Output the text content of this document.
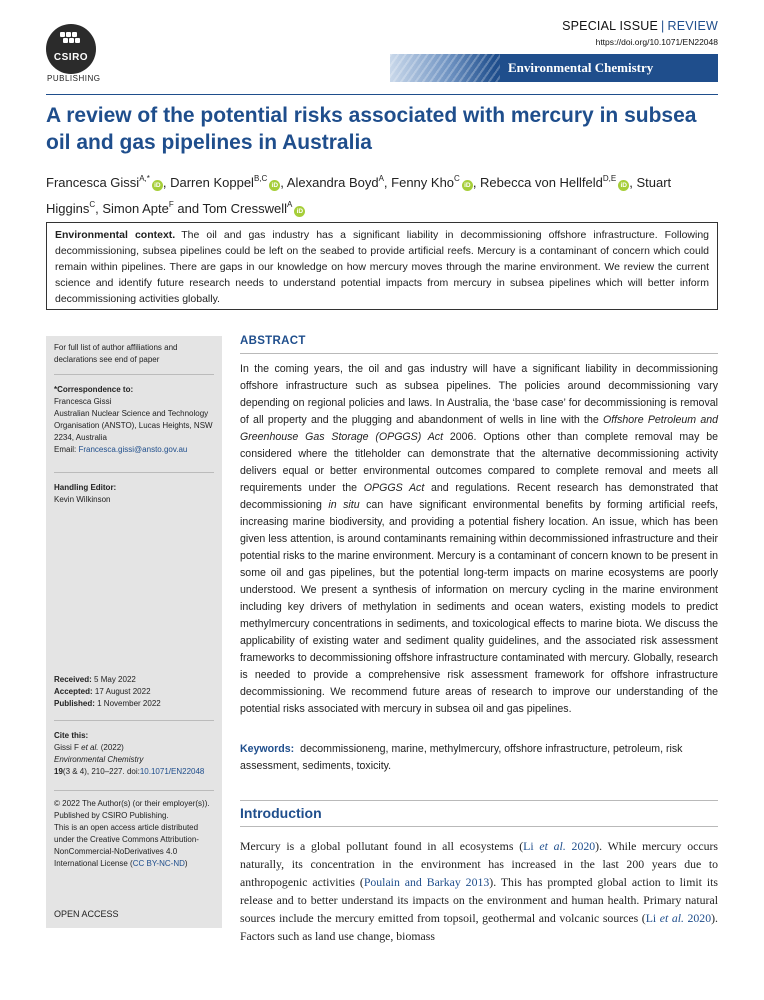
CSIRO
PUBLISHING
SPECIAL ISSUE | REVIEW
https://doi.org/10.1071/EN22048
Environmental Chemistry
A review of the potential risks associated with mercury in subsea oil and gas pipelines in Australia
Francesca Gissi$^{A,*}$iD , Darren Koppel$^{B,C}$iD , Alexandra Boyd$^A$, Fenny Kho$^C$iD , Rebecca von Hellfeld$^{D,E}$iD , Stuart Higgins$^C$, Simon Apte$^F$ and Tom Cresswell$^A$iD
Environmental context. The oil and gas industry has a significant liability in decommissioning offshore infrastructure. Following decommissioning, subsea pipelines could be left on the seabed to provide artificial reefs. Mercury is a contaminant of concern which could remain within pipelines. There are gaps in our knowledge on how mercury moves through the marine environment. We review the current science and identify future research needs to understand potential impacts from mercury in subsea pipelines which will better inform decommissioning activities globally.
For full list of author affiliations and declarations see end of paper
*Correspondence to:
Francesca Gissi
Australian Nuclear Science and Technology Organisation (ANSTO), Lucas Heights, NSW 2234, Australia
Email: Francesca.gissi@ansto.gov.au
Handling Editor:
Kevin Wilkinson
Received: 5 May 2022
Accepted: 17 August 2022
Published: 1 November 2022
Cite this:
Gissi F et al. (2022)
Environmental Chemistry
19(3 & 4), 210–227. doi:10.1071/EN22048
© 2022 The Author(s) (or their employer(s)). Published by CSIRO Publishing.
This is an open access article distributed under the Creative Commons Attribution-NonCommercial-NoDerivatives 4.0 International License (CC BY-NC-ND)
OPEN ACCESS
ABSTRACT

In the coming years, the oil and gas industry will have a significant liability in decommissioning offshore infrastructure such as subsea pipelines. The policies around decommissioning vary depending on regional policies and laws. In Australia, the ‘base case’ for decommissioning is removal of all property and the plugging and abandonment of wells in line with the Offshore Petroleum and Greenhouse Gas Storage (OPGGS) Act 2006. Options other than complete removal may be considered where the titleholder can demonstrate that the alternative decommissioning activity delivers equal or better environmental outcomes compared to complete removal and meets all requirements under the OPGGS Act and regulations. Recent research has demonstrated that decommissioning in situ can have significant environmental benefits by forming artificial reefs, increasing marine biodiversity, and providing a potential fishery location. An issue, which has been given less attention, is around contaminants remaining within decommissioned infrastructure and their potential risks to the marine environment. Mercury is a contaminant of concern known to be present in some oil and gas pipelines, but the potential long-term impacts on marine ecosystems are poorly understood. We present a synthesis of information on mercury cycling in the marine environment including key drivers of methylation in sediments and ocean waters, existing models to predict methylmercury concentrations in sediments, and toxicological effects to marine biota. We discuss the applicability of existing water and sediment quality guidelines, and the associated risk assessment frameworks to decommissioning offshore infrastructure contaminated with mercury. Globally, research is needed to provide a comprehensive risk assessment framework for offshore infrastructure decommissioning. We recommend future areas of research to improve our understanding of the potential risks associated with mercury in subsea oil and gas pipelines.

Keywords: decommissioneng, marine, methylmercury, offshore infrastructure, petroleum, risk assessment, sediments, toxicity.

Introduction

Mercury is a global pollutant found in all ecosystems (Li et al. 2020). While mercury occurs naturally, its concentration in the environment has increased in the last 200 years due to anthropogenic activities (Poulain and Barkay 2013). This has prompted global action to limit its release and to better understand its impacts on the environment and human health. Primary natural sources include the mercury emitted from topsoil, geothermal and volcanic sources (Li et al. 2020). Factors such as land use change, biomass
